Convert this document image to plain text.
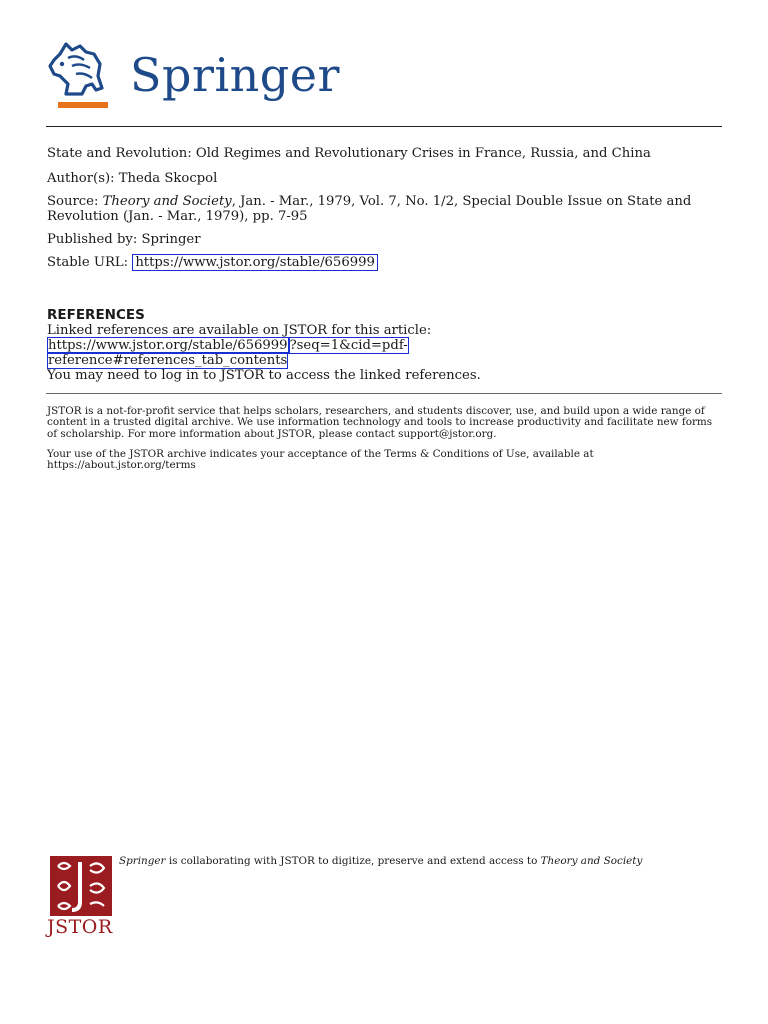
Springer

State and Revolution: Old Regimes and Revolutionary Crises in France, Russia, and China

Author(s): Theda Skocpol

Source: Theory and Society, Jan. - Mar., 1979, Vol. 7, No. 1/2, Special Double Issue on State and Revolution (Jan. - Mar., 1979), pp. 7-95

Published by: Springer

Stable URL: https://www.jstor.org/stable/656999

REFERENCES

Linked references are available on JSTOR for this article:

https://www.jstor.org/stable/656999 ?seq=1&cid=pdf-

reference#references_tab_contents

You may need to log in to JSTOR to access the linked references.

JSTOR is a not-for-profit service that helps scholars, researchers, and students discover, use, and build upon a wide range of content in a trusted digital archive. We use information technology and tools to increase productivity and facilitate new forms of scholarship. For more information about JSTOR, please contact support@jstor.org.

Your use of the JSTOR archive indicates your acceptance of the Terms & Conditions of Use, available at https://about.jstor.org/terms

JSTOR
Springer is collaborating with JSTOR to digitize, preserve and extend access to Theory and Society
